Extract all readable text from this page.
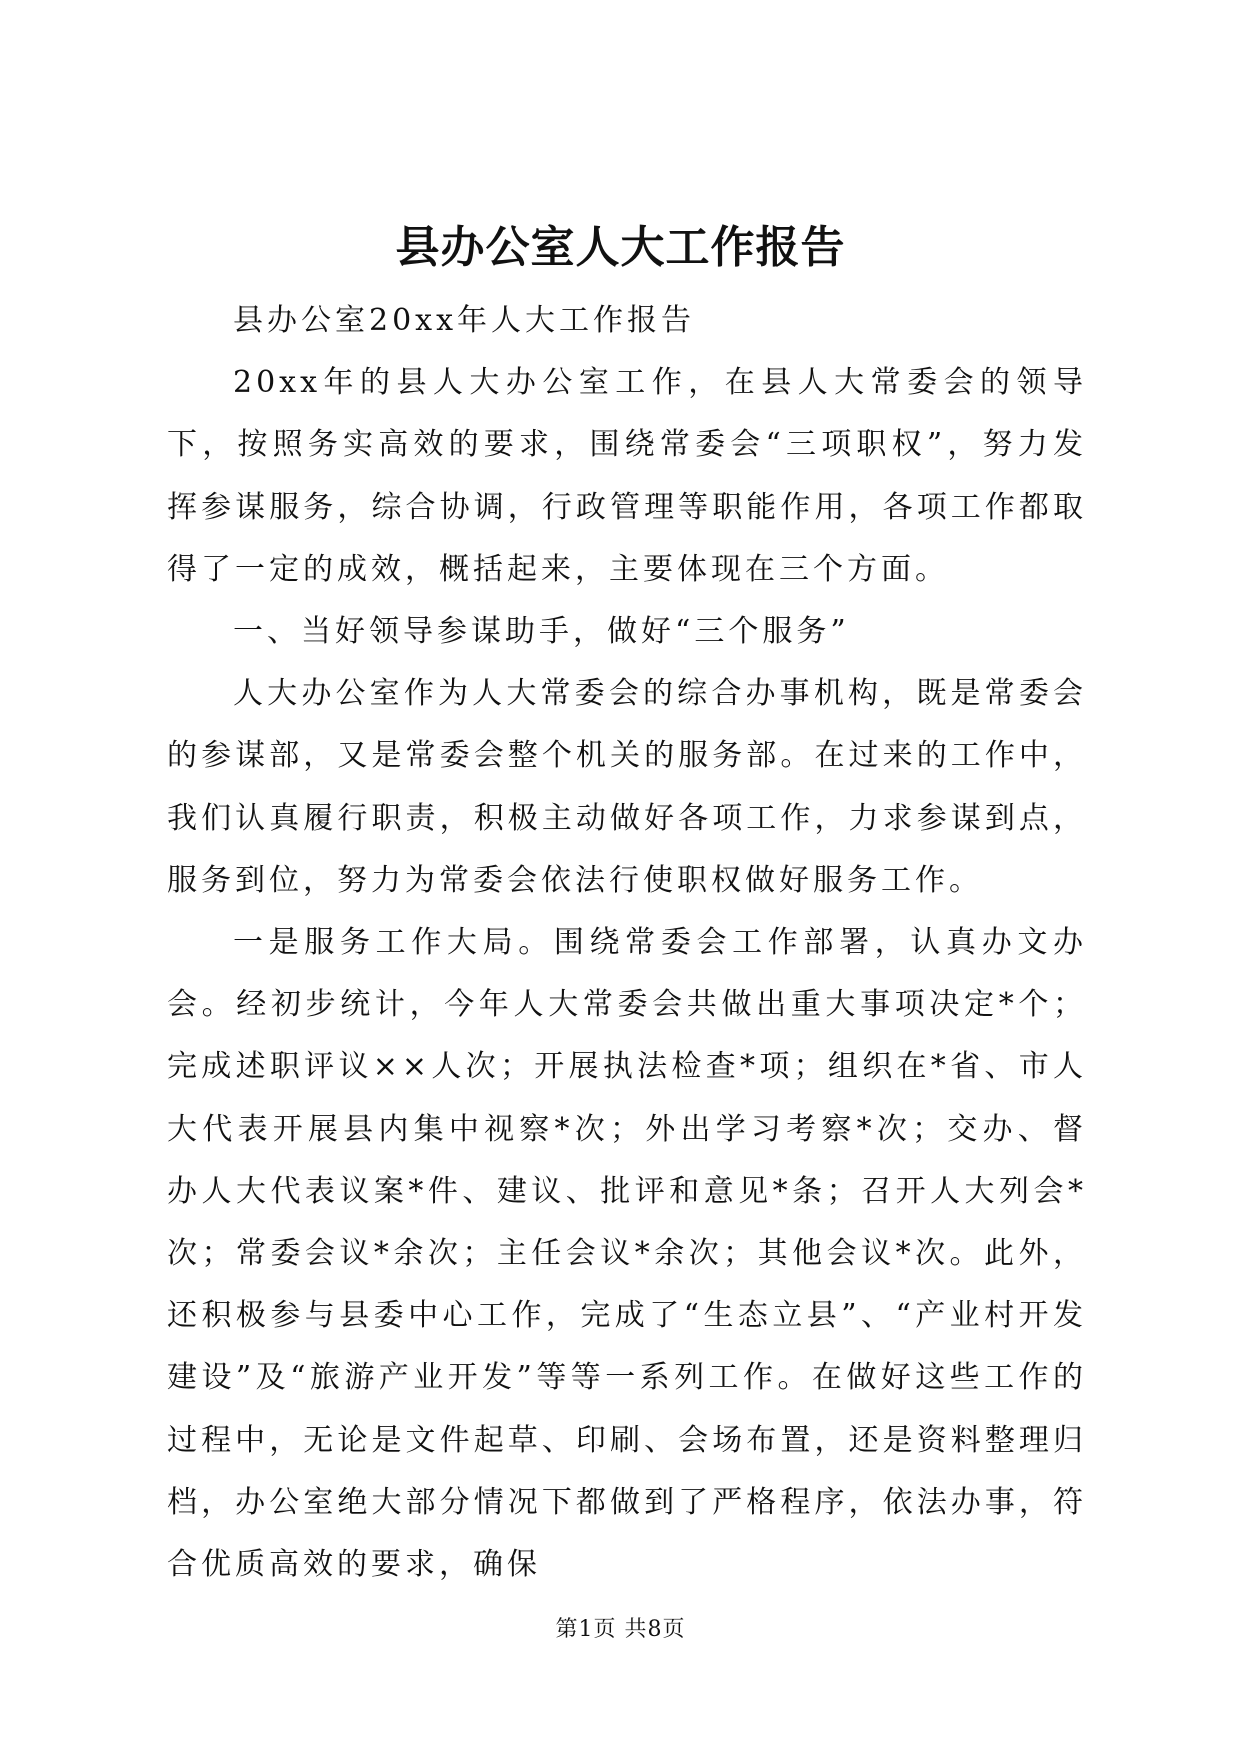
县办公室人大工作报告

县办公室20xx年人大工作报告

20xx年的县人大办公室工作，在县人大常委会的领导下，按照务实高效的要求，围绕常委会“三项职权”，努力发挥参谋服务，综合协调，行政管理等职能作用，各项工作都取得了一定的成效，概括起来，主要体现在三个方面。

一、当好领导参谋助手，做好“三个服务”

人大办公室作为人大常委会的综合办事机构，既是常委会的参谋部，又是常委会整个机关的服务部。在过来的工作中，我们认真履行职责，积极主动做好各项工作，力求参谋到点，服务到位，努力为常委会依法行使职权做好服务工作。

一是服务工作大局。围绕常委会工作部署，认真办文办会。经初步统计，今年人大常委会共做出重大事项决定*个；完成述职评议××人次；开展执法检查*项；组织在*省、市人大代表开展县内集中视察*次；外出学习考察*次；交办、督办人大代表议案*件、建议、批评和意见*条；召开人大列会*次；常委会议*余次；主任会议*余次；其他会议*次。此外，还积极参与县委中心工作，完成了“生态立县”、“产业村开发建设”及“旅游产业开发”等等一系列工作。在做好这些工作的过程中，无论是文件起草、印刷、会场布置，还是资料整理归档，办公室绝大部分情况下都做到了严格程序，依法办事，符合优质高效的要求，确保

第1页 共8页
